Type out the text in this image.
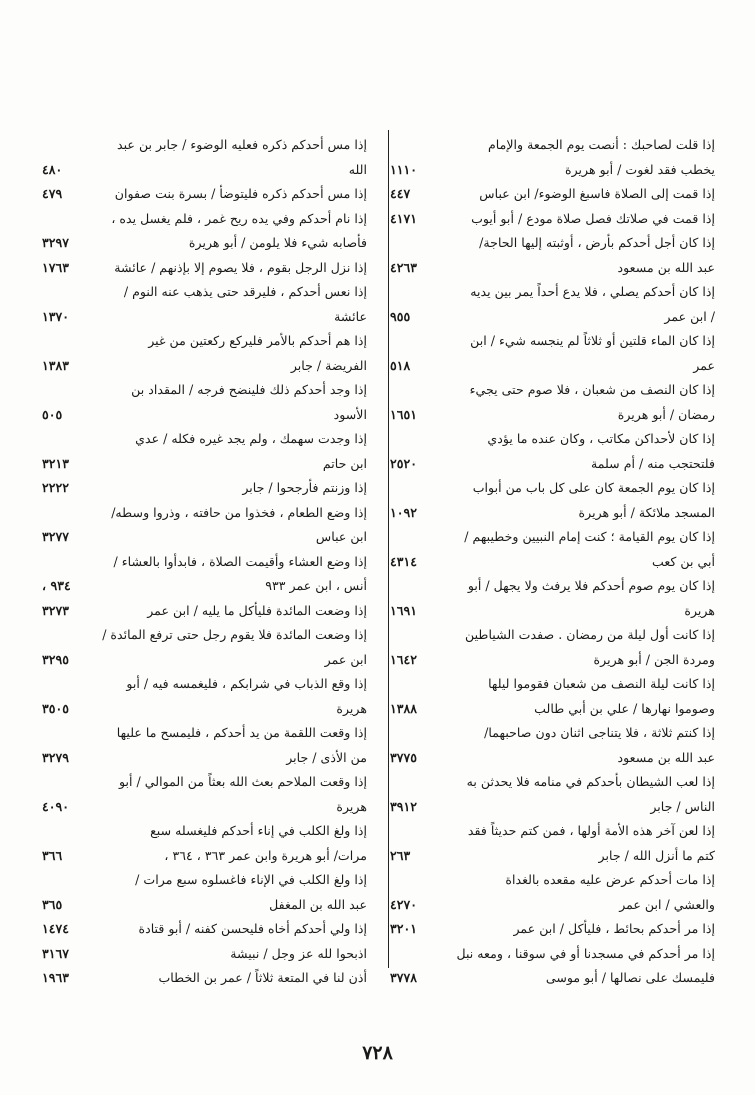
إذا قلت لصاحبك : أنصت يوم الجمعة والإمام
يخطب فقد لغوت / أبو هريرة
١١١٠
إذا قمت إلى الصلاة فاسبغ الوضوء/ ابن عباس
٤٤٧
إذا قمت في صلاتك فصل صلاة مودع / أبو أيوب
٤١٧١
إذا كان أجل أحدكم بأرض ، أوثبته إليها الحاجة/
عبد الله بن مسعود
٤٢٦٣
إذا كان أحدكم يصلي ، فلا يدع أحداً يمر بين يديه
/ ابن عمر
٩٥٥
إذا كان الماء قلتين أو ثلاثاً لم ينجسه شيء / ابن
عمر
٥١٨
إذا كان النصف من شعبان ، فلا صوم حتى يجيء
رمضان / أبو هريرة
١٦٥١
إذا كان لأحداكن مكاتب ، وكان عنده ما يؤدي
فلتحتجب منه / أم سلمة
٢٥٢٠
إذا كان يوم الجمعة كان على كل باب من أبواب
المسجد ملائكة / أبو هريرة
١٠٩٢
إذا كان يوم القيامة ؛ كنت إمام النبيين وخطيبهم /
أبي بن كعب
٤٣١٤
إذا كان يوم صوم أحدكم فلا يرفث ولا يجهل / أبو
هريرة
١٦٩١
إذا كانت أول ليلة من رمضان . صفدت الشياطين
ومردة الجن / أبو هريرة
١٦٤٢
إذا كانت ليلة النصف من شعبان فقوموا ليلها
وصوموا نهارها / علي بن أبي طالب
١٣٨٨
إذا كنتم ثلاثة ، فلا يتناجى اثنان دون صاحبهما/
عبد الله بن مسعود
٣٧٧٥
إذا لعب الشيطان بأحدكم في منامه فلا يحدثن به
الناس / جابر
٣٩١٢
إذا لعن آخر هذه الأمة أولها ، فمن كتم حديثاً فقد
كتم ما أنزل الله / جابر
٢٦٣
إذا مات أحدكم عرض عليه مقعده بالغداة
والعشي / ابن عمر
٤٢٧٠
إذا مر أحدكم بحائط ، فليأكل / ابن عمر
٣٢٠١
إذا مر أحدكم في مسجدنا أو في سوقنا ، ومعه نبل
فليمسك على نصالها / أبو موسى
٣٧٧٨
إذا مس أحدكم ذكره فعليه الوضوء / جابر بن عبد
الله
٤٨٠
إذا مس أحدكم ذكره فليتوضأ / بسرة بنت صفوان
٤٧٩
إذا نام أحدكم وفي يده ريح غمر ، فلم يغسل يده ،
فأصابه شيء فلا يلومن / أبو هريرة
٣٢٩٧
إذا نزل الرجل بقوم ، فلا يصوم إلا بإذنهم / عائشة
١٧٦٣
إذا نعس أحدكم ، فليرقد حتى يذهب عنه النوم /
عائشة
١٣٧٠
إذا هم أحدكم بالأمر فليركع ركعتين من غير
الفريضة / جابر
١٣٨٣
إذا وجد أحدكم ذلك فلينضح فرجه / المقداد بن
الأسود
٥٠٥
إذا وجدت سهمك ، ولم يجد غيره فكله / عدي
ابن حاتم
٣٢١٣
إذا وزنتم فأرجحوا / جابر
٢٢٢٢
إذا وضع الطعام ، فخذوا من حافته ، وذروا وسطه/
ابن عباس
٣٢٧٧
إذا وضع العشاء وأقيمت الصلاة ، فابدأوا بالعشاء /
أنس ، ابن عمر ٩٣٣
٩٣٤ ،
إذا وضعت المائدة فليأكل ما يليه / ابن عمر
٣٢٧٣
إذا وضعت المائدة فلا يقوم رجل حتى ترفع المائدة /
ابن عمر
٣٢٩٥
إذا وقع الذباب في شرابكم ، فليغمسه فيه / أبو
هريرة
٣٥٠٥
إذا وقعت اللقمة من يد أحدكم ، فليمسح ما عليها
من الأذى / جابر
٣٢٧٩
إذا وقعت الملاحم بعث الله بعثاً من الموالي / أبو
هريرة
٤٠٩٠
إذا ولغ الكلب في إناء أحدكم فليغسله سبع
مرات/ أبو هريرة وابن عمر ٣٦٣ ، ٣٦٤ ،
٣٦٦
إذا ولغ الكلب في الإناء فاغسلوه سبع مرات /
عبد الله بن المغفل
٣٦٥
إذا ولي أحدكم أخاه فليحسن كفنه / أبو قتادة
١٤٧٤
اذبحوا لله عز وجل / نبيشة
٣١٦٧
أذن لنا في المتعة ثلاثاً / عمر بن الخطاب
١٩٦٣
٧٢٨
